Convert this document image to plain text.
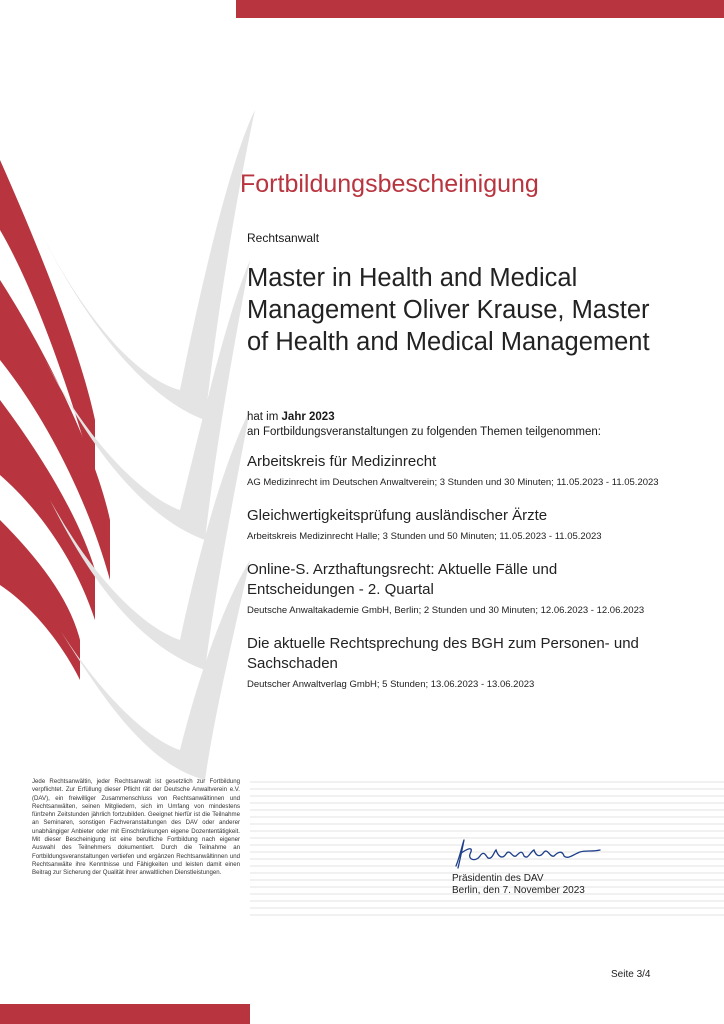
Fortbildungsbescheinigung
Rechtsanwalt
Master in Health and Medical Management Oliver Krause, Master of Health and Medical Management
hat im Jahr 2023
an Fortbildungsveranstaltungen zu folgenden Themen teilgenommen:
Arbeitskreis für Medizinrecht
AG Medizinrecht im Deutschen Anwaltverein; 3 Stunden und 30 Minuten; 11.05.2023 - 11.05.2023
Gleichwertigkeitsprüfung ausländischer Ärzte
Arbeitskreis Medizinrecht Halle; 3 Stunden und 50 Minuten; 11.05.2023 - 11.05.2023
Online-S. Arzthaftungsrecht: Aktuelle Fälle und Entscheidungen - 2. Quartal
Deutsche Anwaltakademie GmbH, Berlin; 2 Stunden und 30 Minuten; 12.06.2023 - 12.06.2023
Die aktuelle Rechtsprechung des BGH zum Personen- und Sachschaden
Deutscher Anwaltverlag GmbH; 5 Stunden; 13.06.2023 - 13.06.2023
Jede Rechtsanwältin, jeder Rechtsanwalt ist gesetzlich zur Fortbildung verpflichtet. Zur Erfüllung dieser Pflicht rät der Deutsche Anwaltverein e.V. (DAV), ein freiwilliger Zusammenschluss von Rechtsanwältinnen und Rechtsanwälten, seinen Mitgliedern, sich im Umfang von mindestens fünfzehn Zeitstunden jährlich fortzubilden. Geeignet hierfür ist die Teilnahme an Seminaren, sonstigen Fachveranstaltungen des DAV oder anderer unabhängiger Anbieter oder mit Einschränkungen eigene Dozententätigkeit. Mit dieser Bescheinigung ist eine berufliche Fortbildung nach eigener Auswahl des Teilnehmers dokumentiert. Durch die Teilnahme an Fortbildungsveranstaltungen vertiefen und ergänzen Rechtsanwältinnen und Rechtsanwälte ihre Kenntnisse und Fähigkeiten und leisten damit einen Beitrag zur Sicherung der Qualität ihrer anwaltlichen Dienstleistungen.
Präsidentin des DAV
Berlin, den 7. November 2023
Seite 3/4
